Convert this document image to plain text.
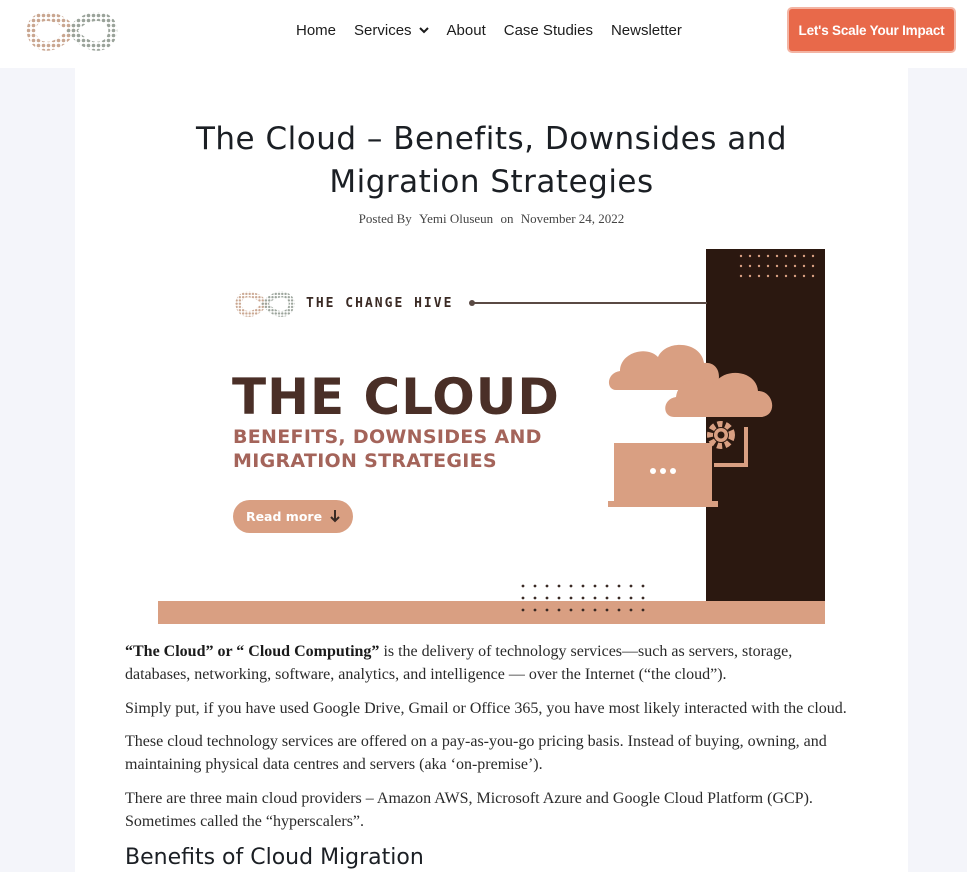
Home Services About Case Studies Newsletter	Let's Scale Your Impact
The Cloud – Benefits, Downsides and
Migration Strategies
Posted By Yemi Oluseun on November 24, 2022
THE CHANGE HIVE
THE CLOUD
BENEFITS, DOWNSIDES AND
MIGRATION STRATEGIES
Read more

“The Cloud” or “ Cloud Computing” is the delivery of technology services—such as servers, storage, databases, networking, software, analytics, and intelligence — over the Internet (“the cloud”).

Simply put, if you have used Google Drive, Gmail or Office 365, you have most likely interacted with the cloud.

These cloud technology services are offered on a pay-as-you-go pricing basis. Instead of buying, owning, and maintaining physical data centres and servers (aka ‘on-premise’).

There are three main cloud providers – Amazon AWS, Microsoft Azure and Google Cloud Platform (GCP). Sometimes called the “hyperscalers”.

Benefits of Cloud Migration
